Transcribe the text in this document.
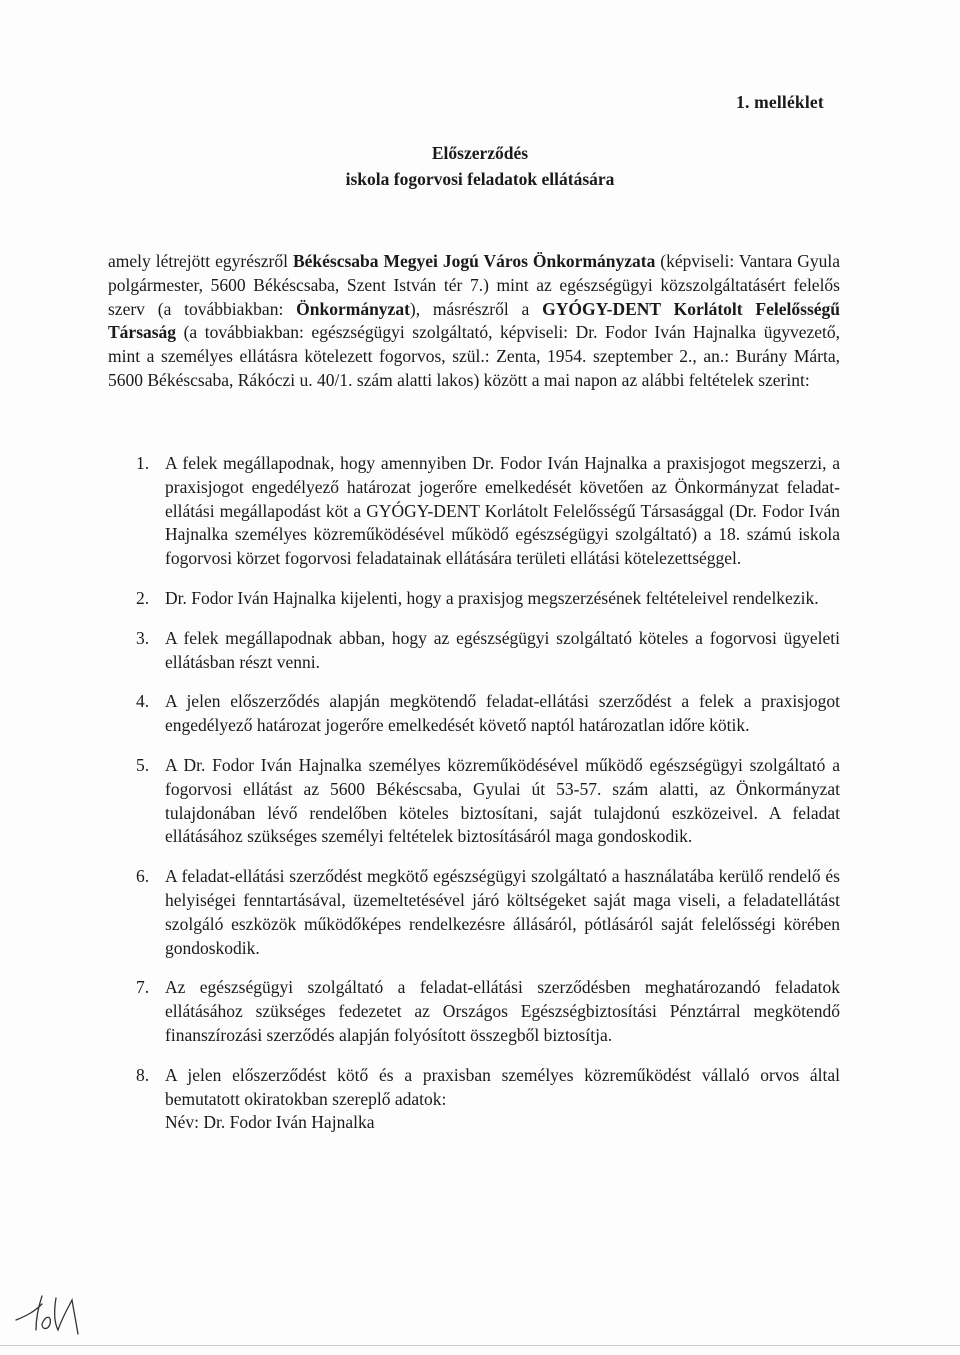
1. melléklet
Előszerződés
iskola fogorvosi feladatok ellátására

amely létrejött egyrészről Békéscsaba Megyei Jogú Város Önkormányzata (képviseli: Vantara Gyula polgármester, 5600 Békéscsaba, Szent István tér 7.) mint az egészségügyi közszolgáltatásért felelős szerv (a továbbiakban: Önkormányzat), másrészről a GYÓGY-DENT Korlátolt Felelősségű Társaság (a továbbiakban: egészségügyi szolgáltató, képviseli: Dr. Fodor Iván Hajnalka ügyvezető, mint a személyes ellátásra kötelezett fogorvos, szül.: Zenta, 1954. szeptember 2., an.: Burány Márta, 5600 Békéscsaba, Rákóczi u. 40/1. szám alatti lakos) között a mai napon az alábbi feltételek szerint:

1. A felek megállapodnak, hogy amennyiben Dr. Fodor Iván Hajnalka a praxisjogot megszerzi, a praxisjogot engedélyező határozat jogerőre emelkedését követően az Önkormányzat feladat-ellátási megállapodást köt a GYÓGY-DENT Korlátolt Felelősségű Társasággal (Dr. Fodor Iván Hajnalka személyes közreműködésével működő egészségügyi szolgáltató) a 18. számú iskola fogorvosi körzet fogorvosi feladatainak ellátására területi ellátási kötelezettséggel.
2. Dr. Fodor Iván Hajnalka kijelenti, hogy a praxisjog megszerzésének feltételeivel rendelkezik.
3. A felek megállapodnak abban, hogy az egészségügyi szolgáltató köteles a fogorvosi ügyeleti ellátásban részt venni.
4. A jelen előszerződés alapján megkötendő feladat-ellátási szerződést a felek a praxisjogot engedélyező határozat jogerőre emelkedését követő naptól határozatlan időre kötik.
5. A Dr. Fodor Iván Hajnalka személyes közreműködésével működő egészségügyi szolgáltató a fogorvosi ellátást az 5600 Békéscsaba, Gyulai út 53-57. szám alatti, az Önkormányzat tulajdonában lévő rendelőben köteles biztosítani, saját tulajdonú eszközeivel. A feladat ellátásához szükséges személyi feltételek biztosításáról maga gondoskodik.
6. A feladat-ellátási szerződést megkötő egészségügyi szolgáltató a használatába kerülő rendelő és helyiségei fenntartásával, üzemeltetésével járó költségeket saját maga viseli, a feladatellátást szolgáló eszközök működőképes rendelkezésre állásáról, pótlásáról saját felelősségi körében gondoskodik.
7. Az egészségügyi szolgáltató a feladat-ellátási szerződésben meghatározandó feladatok ellátásához szükséges fedezetet az Országos Egészségbiztosítási Pénztárral megkötendő finanszírozási szerződés alapján folyósított összegből biztosítja.
8. A jelen előszerződést kötő és a praxisban személyes közreműködést vállaló orvos által bemutatott okiratokban szereplő adatok:
Név: Dr. Fodor Iván Hajnalka
